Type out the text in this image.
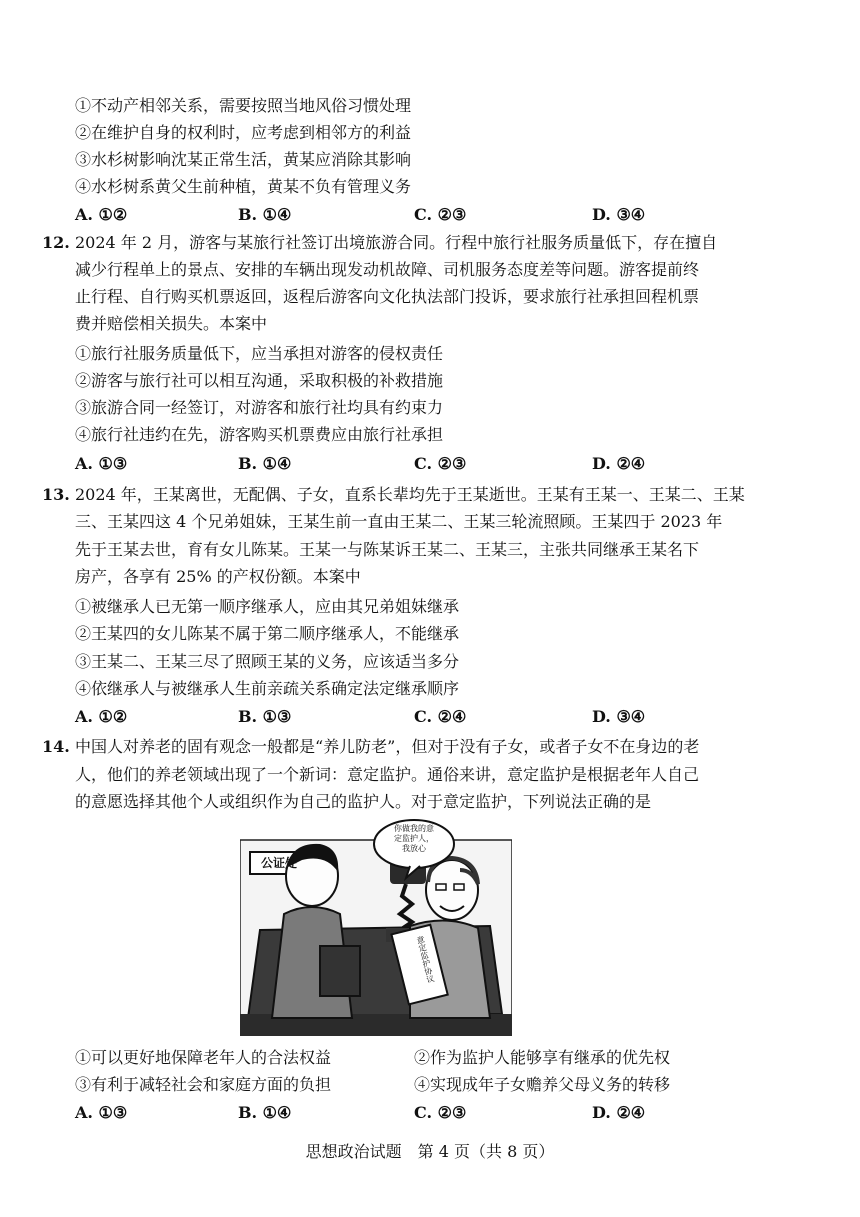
①不动产相邻关系，需要按照当地风俗习惯处理
②在维护自身的权利时，应考虑到相邻方的利益
③水杉树影响沈某正常生活，黄某应消除其影响
④水杉树系黄父生前种植，黄某不负有管理义务
A. ①②	B. ①④	C. ②③	D. ③④
12. 2024 年 2 月，游客与某旅行社签订出境旅游合同。行程中旅行社服务质量低下，存在擅自
减少行程单上的景点、安排的车辆出现发动机故障、司机服务态度差等问题。游客提前终
止行程、自行购买机票返回，返程后游客向文化执法部门投诉，要求旅行社承担回程机票
费并赔偿相关损失。本案中
①旅行社服务质量低下，应当承担对游客的侵权责任
②游客与旅行社可以相互沟通，采取积极的补救措施
③旅游合同一经签订，对游客和旅行社均具有约束力
④旅行社违约在先，游客购买机票费应由旅行社承担
A. ①③	B. ①④	C. ②③	D. ②④
13. 2024 年，王某离世，无配偶、子女，直系长辈均先于王某逝世。王某有王某一、王某二、王某
三、王某四这 4 个兄弟姐妹，王某生前一直由王某二、王某三轮流照顾。王某四于 2023 年
先于王某去世，育有女儿陈某。王某一与陈某诉王某二、王某三，主张共同继承王某名下
房产，各享有 25% 的产权份额。本案中
①被继承人已无第一顺序继承人，应由其兄弟姐妹继承
②王某四的女儿陈某不属于第二顺序继承人，不能继承
③王某二、王某三尽了照顾王某的义务，应该适当多分
④依继承人与被继承人生前亲疏关系确定法定继承顺序
A. ①②	B. ①③	C. ②④	D. ③④
14. 中国人对养老的固有观念一般都是“养儿防老”，但对于没有子女，或者子女不在身边的老
人，他们的养老领域出现了一个新词：意定监护。通俗来讲，意定监护是根据老年人自己
的意愿选择其他个人或组织作为自己的监护人。对于意定监护，下列说法正确的是
公证处
你做我的意
定监护人，
我放心
意定监护协议
①可以更好地保障老年人的合法权益	②作为监护人能够享有继承的优先权
③有利于减轻社会和家庭方面的负担	④实现成年子女赡养父母义务的转移
A. ①③	B. ①④	C. ②③	D. ②④
思想政治试题　第 4 页（共 8 页）
